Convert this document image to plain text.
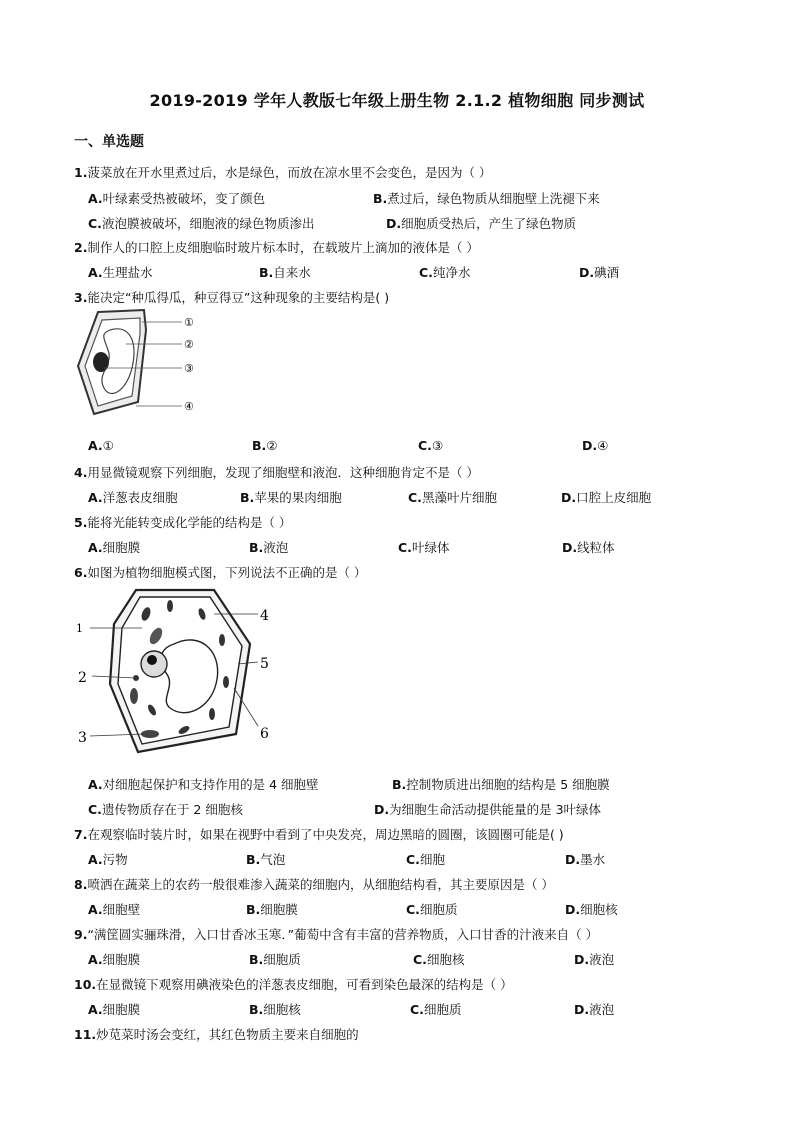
2019-2019 学年人教版七年级上册生物 2.1.2 植物细胞 同步测试
一、单选题
1.菠菜放在开水里煮过后，水是绿色，而放在凉水里不会变色，是因为（ ）
A.叶绿素受热被破坏，变了颜色	B.煮过后，绿色物质从细胞壁上洗褪下来
C.液泡膜被破坏，细胞液的绿色物质渗出	D.细胞质受热后，产生了绿色物质
2.制作人的口腔上皮细胞临时玻片标本时，在载玻片上滴加的液体是（ ）
A.生理盐水	B.自来水	C.纯净水	D.碘酒
3.能决定“种瓜得瓜，种豆得豆”这种现象的主要结构是( )
①
②
③
④
A.①	B.②	C.③	D.④
4.用显微镜观察下列细胞，发现了细胞壁和液泡．这种细胞肯定不是（ ）
A.洋葱表皮细胞	B.苹果的果肉细胞	C.黑藻叶片细胞	D.口腔上皮细胞
5.能将光能转变成化学能的结构是（ ）
A.细胞膜	B.液泡	C.叶绿体	D.线粒体
6.如图为植物细胞模式图，下列说法不正确的是（ ）
1
2
3
4
5
6
A.对细胞起保护和支持作用的是 4 细胞壁	B.控制物质进出细胞的结构是 5 细胞膜
C.遗传物质存在于 2 细胞核	D.为细胞生命活动提供能量的是 3叶绿体
7.在观察临时装片时，如果在视野中看到了中央发亮，周边黑暗的圆圈，该圆圈可能是( )
A.污物	B.气泡	C.细胞	D.墨水
8.喷洒在蔬菜上的农药一般很难渗入蔬菜的细胞内，从细胞结构看，其主要原因是（ ）
A.细胞壁	B.细胞膜	C.细胞质	D.细胞核
9.“满筐圆实骊珠滑，入口甘香冰玉寒．”葡萄中含有丰富的营养物质，入口甘香的汁液来自（ ）
A.细胞膜	B.细胞质	C.细胞核	D.液泡
10.在显微镜下观察用碘液染色的洋葱表皮细胞，可看到染色最深的结构是（ ）
A.细胞膜	B.细胞核	C.细胞质	D.液泡
11.炒苋菜时汤会变红，其红色物质主要来自细胞的
